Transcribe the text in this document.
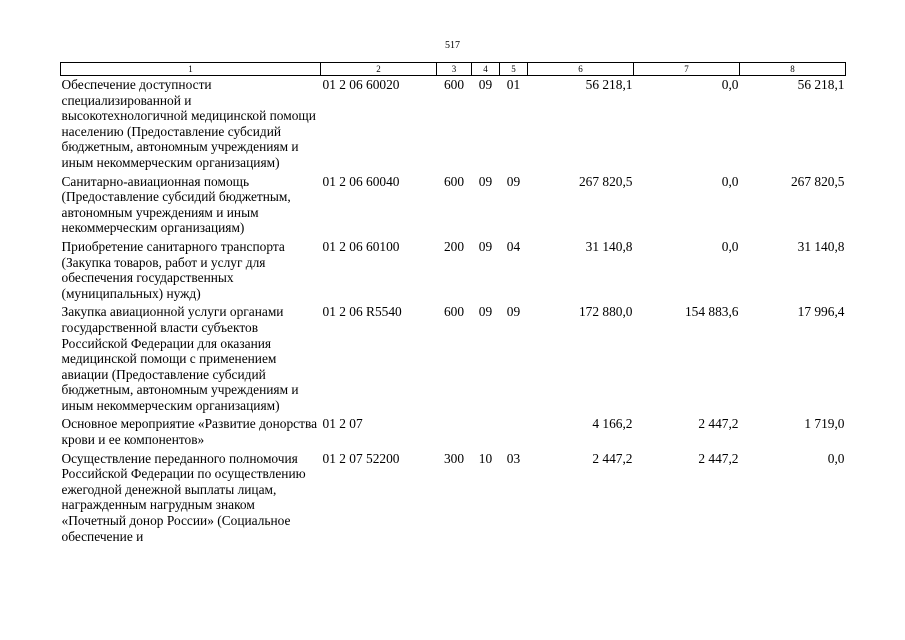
517
1	2	3	4	5	6	7	8
Обеспечение доступности специализированной и высокотехнологичной медицинской помощи населению (Предоставление субсидий бюджетным, автономным учреждениям и иным некоммерческим организациям)	01 2 06 60020	600	09	01	56 218,1	0,0	56 218,1
Санитарно-авиационная помощь (Предоставление субсидий бюджетным, автономным учреждениям и иным некоммерческим организациям)	01 2 06 60040	600	09	09	267 820,5	0,0	267 820,5
Приобретение санитарного транспорта (Закупка товаров, работ и услуг для обеспечения государственных (муниципальных) нужд)	01 2 06 60100	200	09	04	31 140,8	0,0	31 140,8
Закупка авиационной услуги органами государственной власти субъектов Российской Федерации для оказания медицинской помощи с применением авиации (Предоставление субсидий бюджетным, автономным учреждениям и иным некоммерческим организациям)	01 2 06 R5540	600	09	09	172 880,0	154 883,6	17 996,4
Основное мероприятие «Развитие донорства крови и ее компонентов»	01 2 07				4 166,2	2 447,2	1 719,0
Осуществление переданного полномочия Российской Федерации по осуществлению ежегодной денежной выплаты лицам, награжденным нагрудным знаком «Почетный донор России» (Социальное обеспечение и	01 2 07 52200	300	10	03	2 447,2	2 447,2	0,0
